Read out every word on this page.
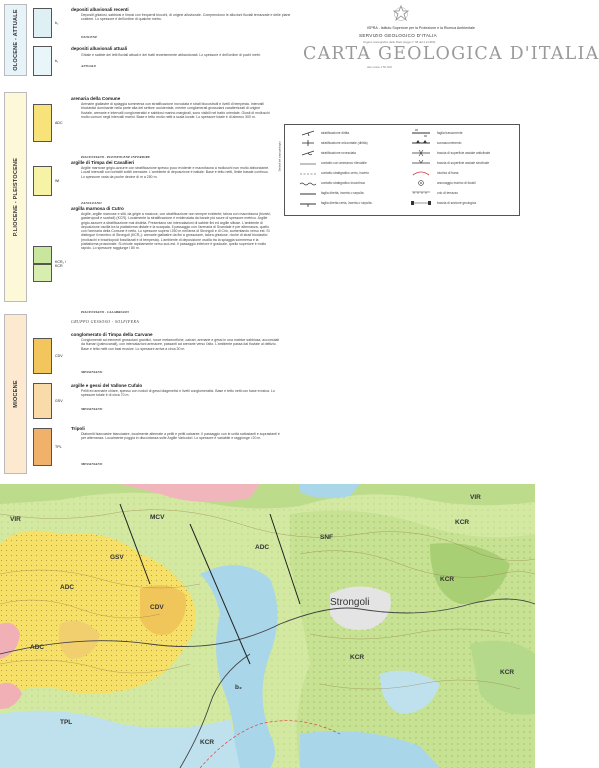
ISPRA - Istituto Superiore per la Protezione e la Ricerca Ambientale
SERVIZIO GEOLOGICO D'ITALIA
Organo Cartografico dello Stato (legge n° 68 del 2.2.1960)
CARTA GEOLOGICA D'ITALIA
alla scala 1:50.000
OLOCENE - ATTUALE
P.LIOCENE - PLEISTOCENE
MIOCENE
b₂
depositi alluvionali recenti
Depositi ghiaiosi, sabbiosi e limosi con frequenti blocchi, di origine alluvionale. Comprendono le alluvioni fluviali terrazzate e delle piane costiere. Lo spessore è dell'ordine di qualche metro.
OLOCENE
b₁
depositi alluvionali attuali
Ghiaie e sabbie dei letti fluviali attuali e dei tratti recentemente abbandonati. Lo spessore è dell'ordine di pochi metri.
ATTUALE
ADC
arenaria della Comune
Arenarie giallastre di spiaggia sommersa con stratificazione incrociata e strati biocostruiti e livelli di tempesta. Intervalli bioclastici dominante nella parte alta del settore occidentale, mentre conglomerati grossolani caratterizzati di origine fluviale, arenarie e intervalli conglomeratici e sabbiosi marino-marginali, sono visibili nel tratto orientale. Giusti di molluschi molto comuni negli intervalli marini. Base e tetto molto netti a scala locale. Lo spessore totale è di almeno 300 m.
PIACENZIANO - PLEISTOCENE INFERIORE
WI
argille di Timpa dei Cavallieri
Argille marnose grigio-azzurre con stratificazione spesso poco evidente e macrofauna a molluschi non molto abbondante. Locali intervalli con torbiditi sottili arenacee. L'ambiente di deposizione è batiale. Base e tetto netti, limite basale continuo. Lo spessore varia da poche decine di m a 250 m.
ZANCLEANO
KCR₂ / KCR
argilla marnosa di Cutro
Argille, argille marnose e silti, da grigie a rossicce, con stratificazione non sempre evidente; talora con macrofauna (bivalvi, gasteropodi e scafodi) (KCR). Localmente la stratificazione è evidenziata da bande più scure di spessore metrico. Argille grigio-azzurre a stratificazione mal distinta. Presentano rari intercalazioni di sabbie fini ed argille siltose. L'ambiente di deposizione oscilla tra la piattaforma distale e la scarpata. Il passaggio con l'arenaria di Scandale è per alternanza, quello con l'arenaria della Comune è netto. Lo spessore supera i 250 m nell'area di Strongoli e di Cirò, aumentando verso est. Si distingue il membro di Strongoli (KCR₂): arenarie giallastre da fini a grossolane, talora ghiaiose, ricche di strati bioclastici (molluschi e brachiopodi fossilizzati e di tempesta). L'ambiente di deposizione oscilla tra la spiaggia sommersa e la piattaforma prossimale. Si chiude rapidamente verso sud-est. Il passaggio inferiore è graduale, quello superiore è molto rapido. Lo spessore raggiunge i 80 m.
PIACENZIANO - CALABRIANO
GRUPPO GESSOSO - SOLFIFERA
CDV
conglomerato di Timpa della Carvane
Conglomerati ad elementi grossolani granitici, rocce metamorfiche, calcari, arenarie e gessi in una matrice sabbiosa, accumulati da fiumari (paleocanali), con intercalazioni arenacee, passanti ad arenarie verso l'alto. L'ambiente passa dal fluviale al deltizio. Base e tetto netti con basi erosive. Lo spessore arriva a circa 30 m.
MESSINIANO
GSV
argille e gessi del Vallone Cufalo
Peliti ed arenarie chiare, spesso con noduli di gessi diagenetici e livelli conglomeratici. Base e tetto netti con base erosiva. Lo spessore totale è di circa 70 m.
MESSINIANO
TPL
Tripoli
Diatomiti biancastre bianciastre, localmente alternate a peliti e peliti calcaree. Il passaggio con le unità sottostanti e soprastanti è per alternanza. Localmente poggia in discordanza sulle Argille Varicolori. Lo spessore è variabile e raggiunge i 20 m.
MESSINIANO
Simboli dei corpi geologici
stratificazione diritta
stratificazione orizzontale (diritta)
stratificazione rovesciata
contatto con ammanco rilevabile
contatto stratigrafico certo, incerto
contatto stratigrafico incontinuo
faglia diretta, incerta o sepolta
faglia diretta certa, incerta o sepolta
faglia trascorrente
sovrascorrimento
traccia di superficie assiale anticlinale
traccia di superficie assiale sinclinale
nicchia di frana
ancoraggio marino di fossili
orlo di terrazzo
traccia di sezione geologica
VIR	KCR
ADC
KCR
ADC
KCR
KCR
ADC
CDV
GSV
b₂
TPL
MCV
SNF
KCR
VIR
Strongoli
